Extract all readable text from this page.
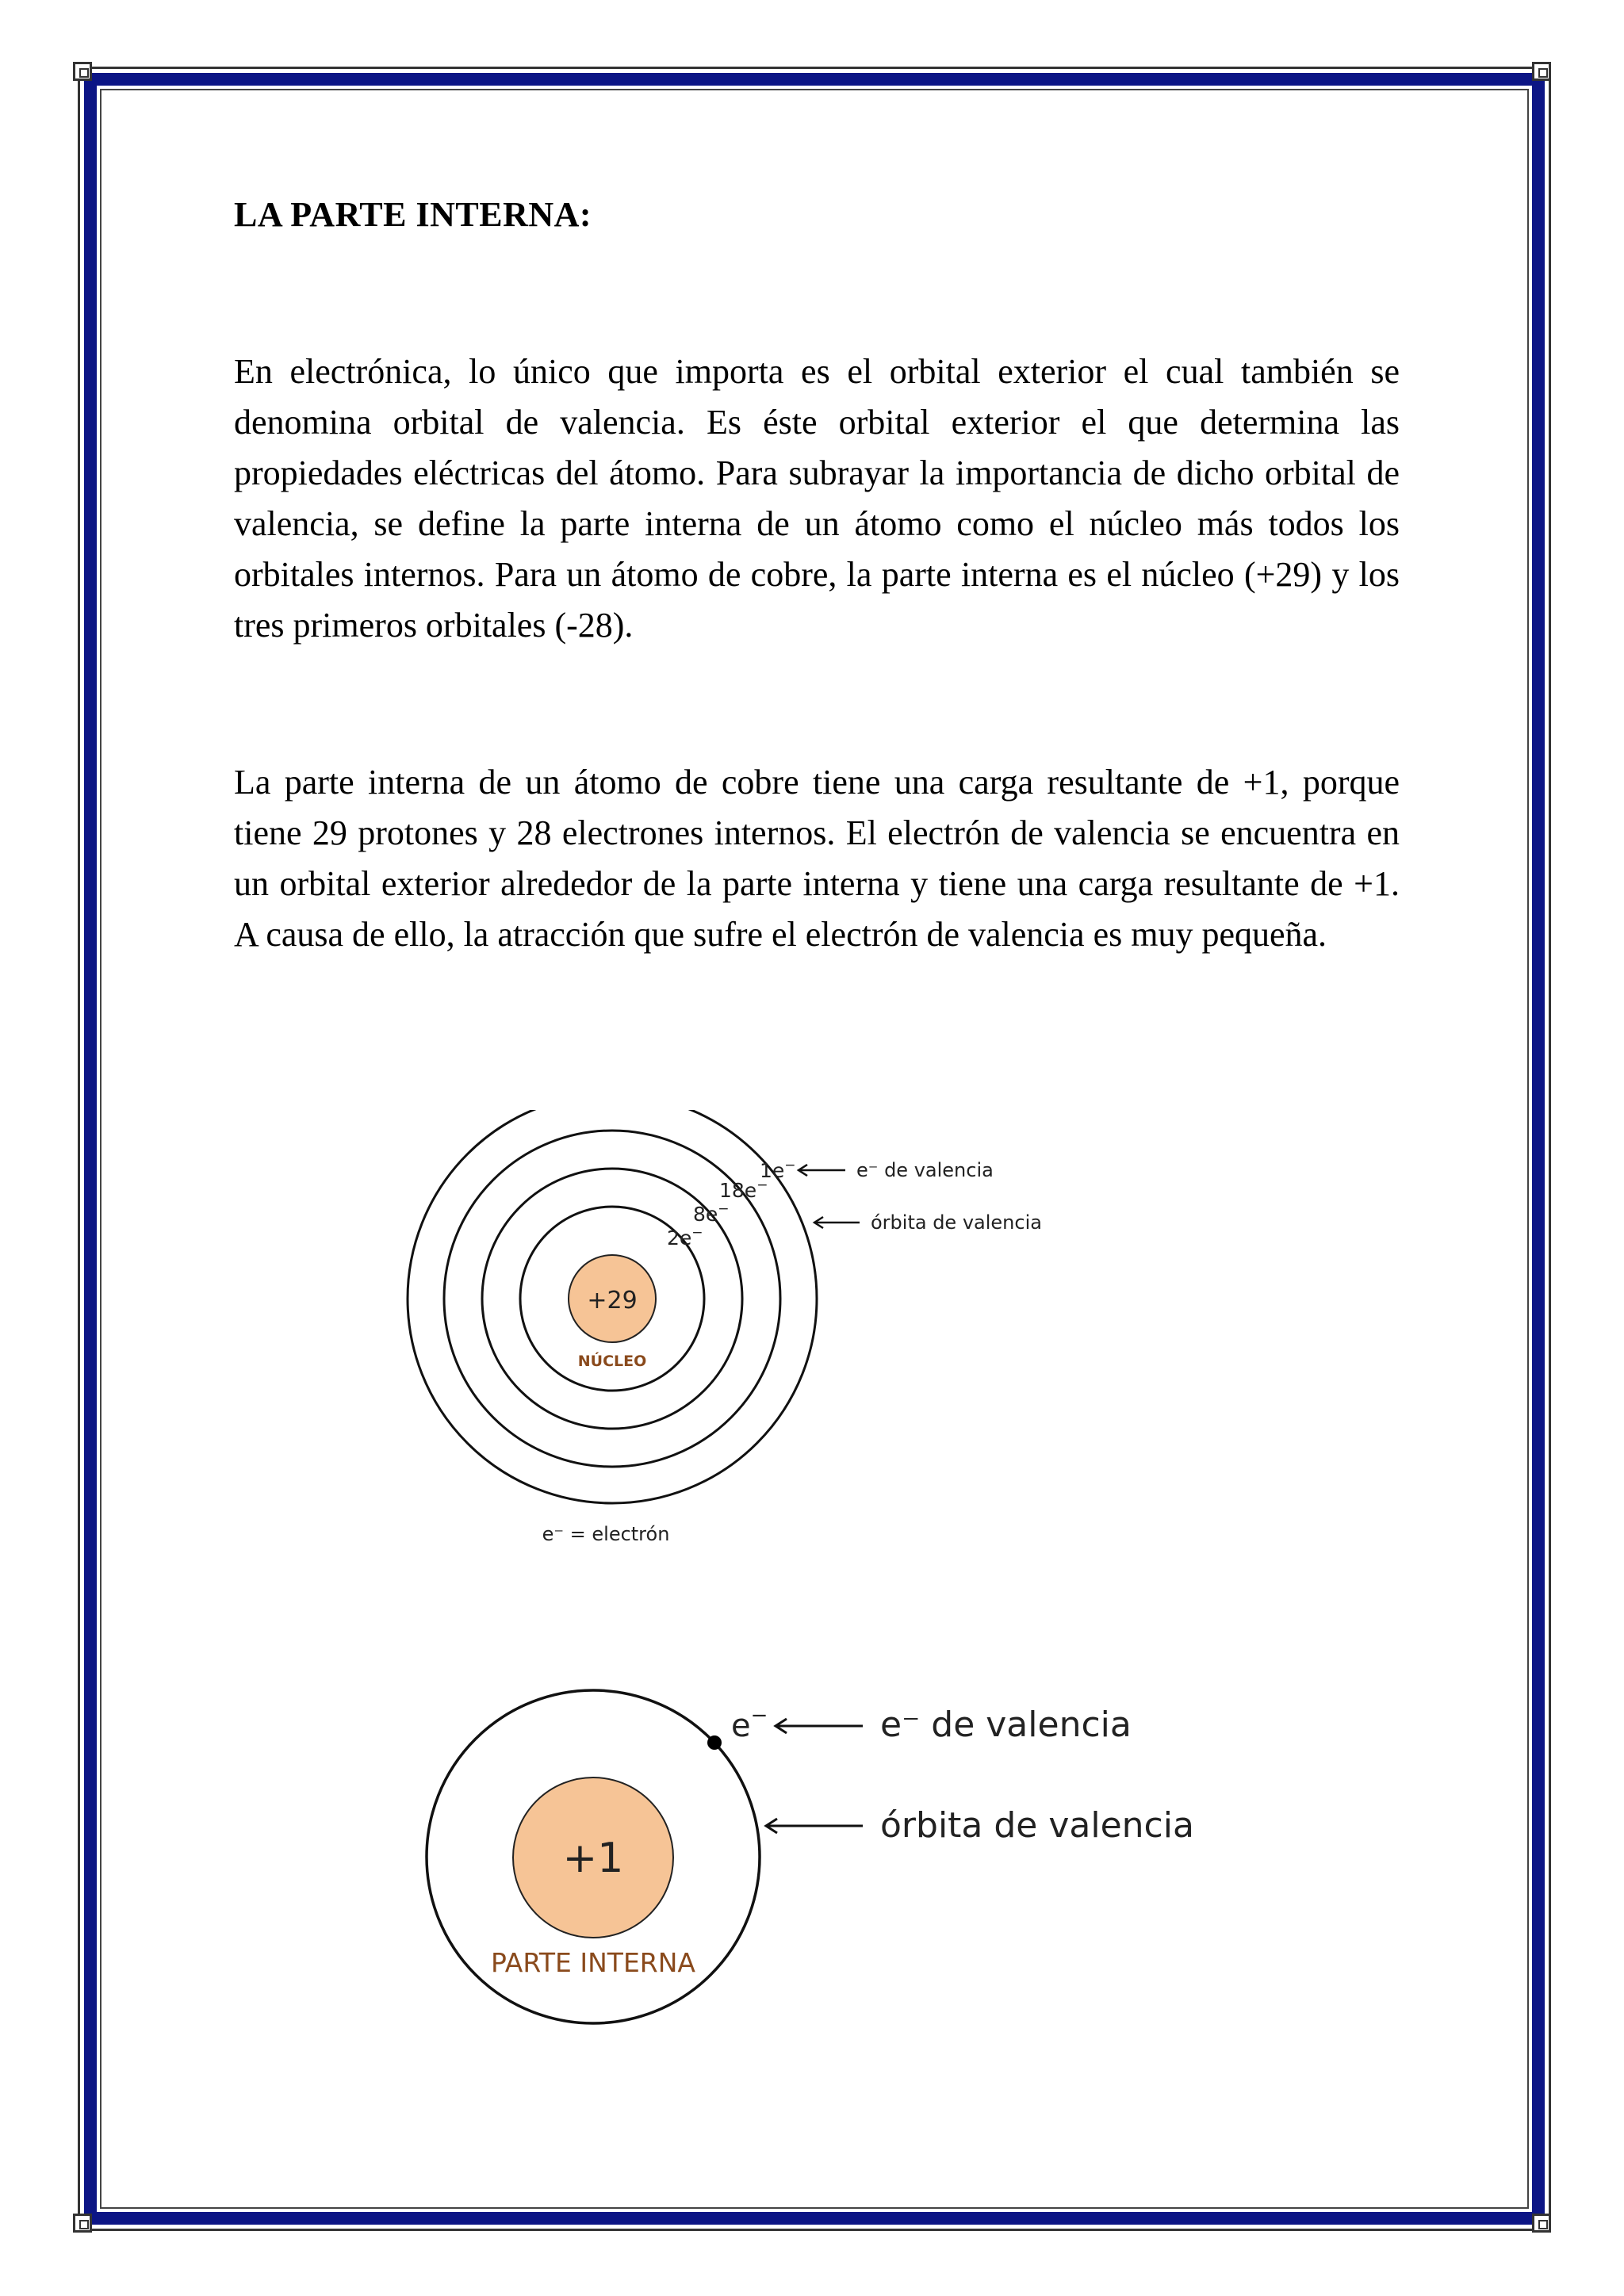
LA PARTE INTERNA:

En electrónica, lo único que importa es el orbital exterior el cual también se denomina orbital de valencia. Es éste orbital exterior el que determina las propiedades eléctricas del átomo. Para subrayar la importancia de dicho orbital de valencia, se define la parte interna de un átomo como el núcleo más todos los orbitales internos. Para un átomo de cobre, la parte interna es el núcleo (+29) y los tres primeros orbitales (-28).

La parte interna de un átomo de cobre tiene una carga resultante de +1, porque tiene 29 protones y 28 electrones internos. El electrón de valencia se encuentra en un orbital exterior alrededor de la parte interna y tiene una carga resultante de +1. A causa de ello, la atracción que sufre el electrón de valencia es muy pequeña.

+29
NÚCLEO
2e−
8e−
18e−
1e−	e⁻ de valencia
órbita de valencia
e⁻ = electrón
+1
PARTE INTERNA
e−	e⁻ de valencia
órbita de valencia
